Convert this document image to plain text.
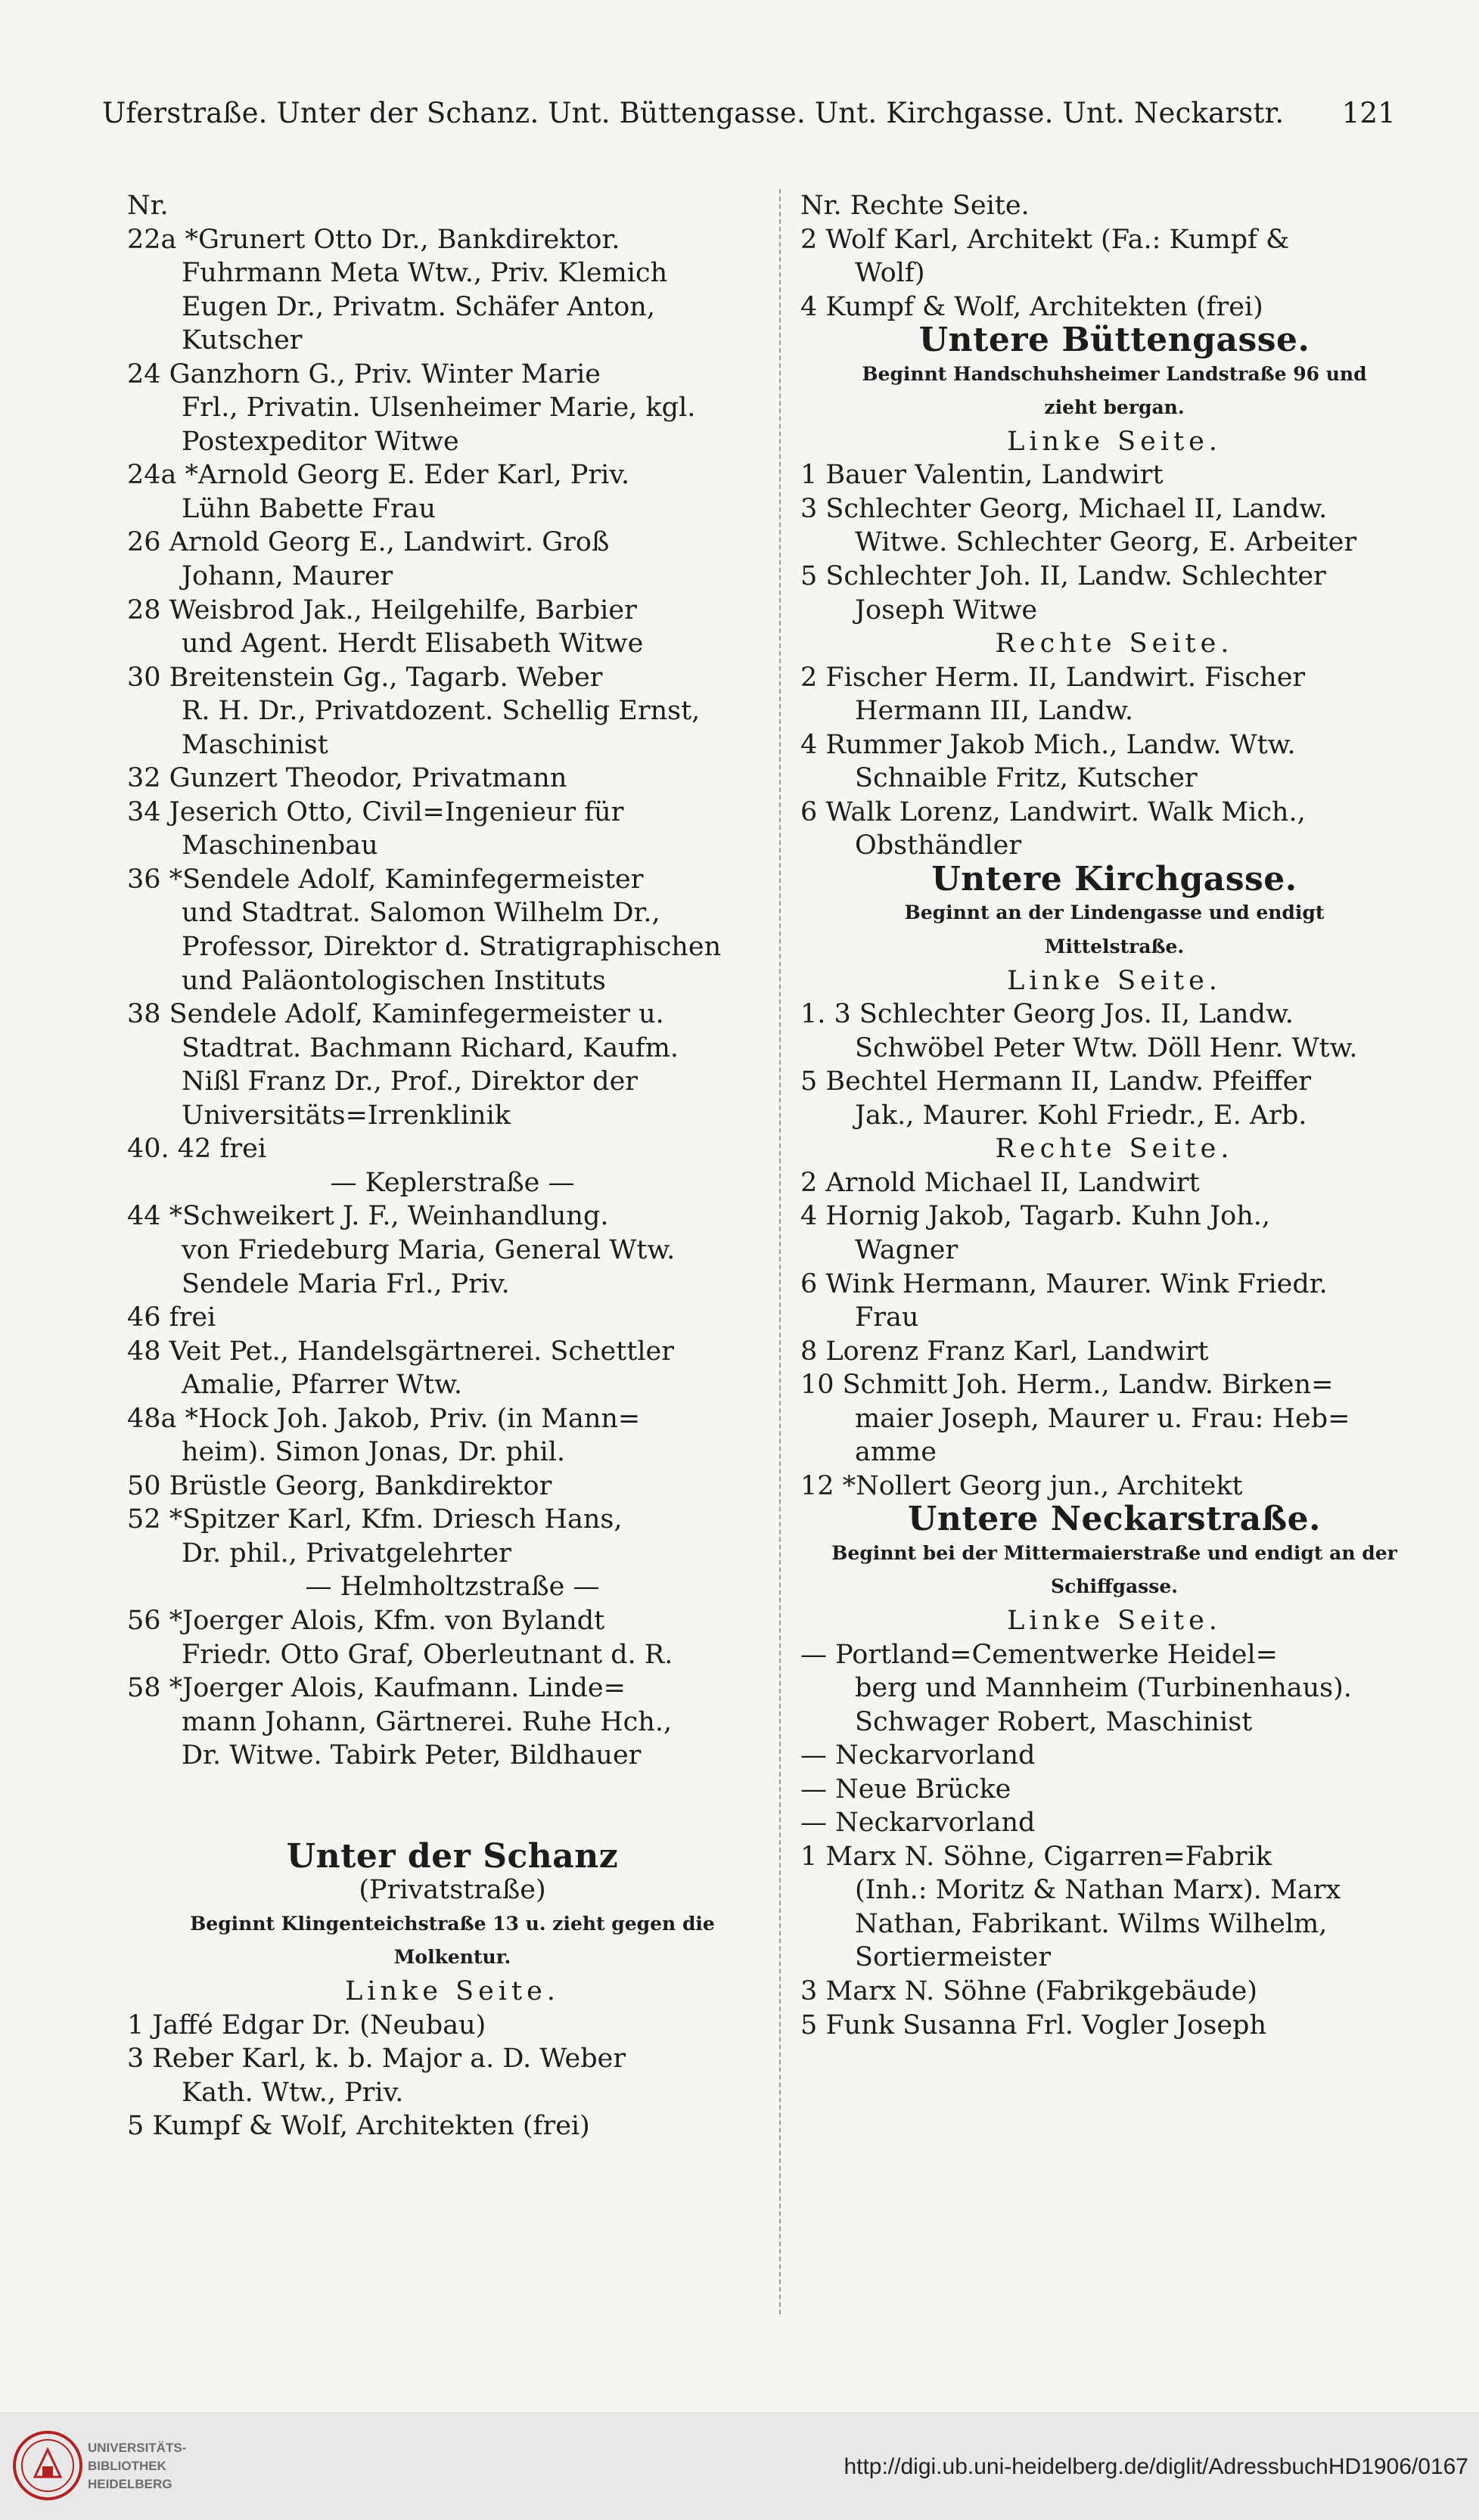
Uferstraße. Unter der Schanz. Unt. Büttengasse. Unt. Kirchgasse. Unt. Neckarstr. 121
Nr.
22a *Grunert Otto Dr., Bankdirektor.
Fuhrmann Meta Wtw., Priv. Klemich
Eugen Dr., Privatm. Schäfer Anton,
Kutscher
24 Ganzhorn G., Priv. Winter Marie
Frl., Privatin. Ulsenheimer Marie, kgl.
Postexpeditor Witwe
24a *Arnold Georg E. Eder Karl, Priv.
Lühn Babette Frau
26 Arnold Georg E., Landwirt. Groß
Johann, Maurer
28 Weisbrod Jak., Heilgehilfe, Barbier
und Agent. Herdt Elisabeth Witwe
30 Breitenstein Gg., Tagarb. Weber
R. H. Dr., Privatdozent. Schellig Ernst,
Maschinist
32 Gunzert Theodor, Privatmann
34 Jeserich Otto, Civil=Ingenieur für
Maschinenbau
36 *Sendele Adolf, Kaminfegermeister
und Stadtrat. Salomon Wilhelm Dr.,
Professor, Direktor d. Stratigraphischen
und Paläontologischen Instituts
38 Sendele Adolf, Kaminfegermeister u.
Stadtrat. Bachmann Richard, Kaufm.
Nißl Franz Dr., Prof., Direktor der
Universitäts=Irrenklinik
40. 42 frei
— Keplerstraße —
44 *Schweikert J. F., Weinhandlung.
von Friedeburg Maria, General Wtw.
Sendele Maria Frl., Priv.
46 frei
48 Veit Pet., Handelsgärtnerei. Schettler
Amalie, Pfarrer Wtw.
48a *Hock Joh. Jakob, Priv. (in Mann=
heim). Simon Jonas, Dr. phil.
50 Brüstle Georg, Bankdirektor
52 *Spitzer Karl, Kfm. Driesch Hans,
Dr. phil., Privatgelehrter
— Helmholtzstraße —
56 *Joerger Alois, Kfm. von Bylandt
Friedr. Otto Graf, Oberleutnant d. R.
58 *Joerger Alois, Kaufmann. Linde=
mann Johann, Gärtnerei. Ruhe Hch.,
Dr. Witwe. Tabirk Peter, Bildhauer
Unter der Schanz
(Privatstraße)
Beginnt Klingenteichstraße 13 u. zieht gegen die
Molkentur.
Linke Seite.
1 Jaffé Edgar Dr. (Neubau)
3 Reber Karl, k. b. Major a. D. Weber
Kath. Wtw., Priv.
5 Kumpf & Wolf, Architekten (frei)
Nr. Rechte Seite.
2 Wolf Karl, Architekt (Fa.: Kumpf &
Wolf)
4 Kumpf & Wolf, Architekten (frei)
Untere Büttengasse.
Beginnt Handschuhsheimer Landstraße 96 und
zieht bergan.
Linke Seite.
1 Bauer Valentin, Landwirt
3 Schlechter Georg, Michael II, Landw.
Witwe. Schlechter Georg, E. Arbeiter
5 Schlechter Joh. II, Landw. Schlechter
Joseph Witwe
Rechte Seite.
2 Fischer Herm. II, Landwirt. Fischer
Hermann III, Landw.
4 Rummer Jakob Mich., Landw. Wtw.
Schnaible Fritz, Kutscher
6 Walk Lorenz, Landwirt. Walk Mich.,
Obsthändler
Untere Kirchgasse.
Beginnt an der Lindengasse und endigt
Mittelstraße.
Linke Seite.
1. 3 Schlechter Georg Jos. II, Landw.
Schwöbel Peter Wtw. Döll Henr. Wtw.
5 Bechtel Hermann II, Landw. Pfeiffer
Jak., Maurer. Kohl Friedr., E. Arb.
Rechte Seite.
2 Arnold Michael II, Landwirt
4 Hornig Jakob, Tagarb. Kuhn Joh.,
Wagner
6 Wink Hermann, Maurer. Wink Friedr.
Frau
8 Lorenz Franz Karl, Landwirt
10 Schmitt Joh. Herm., Landw. Birken=
maier Joseph, Maurer u. Frau: Heb=
amme
12 *Nollert Georg jun., Architekt
Untere Neckarstraße.
Beginnt bei der Mittermaierstraße und endigt an der
Schiffgasse.
Linke Seite.
— Portland=Cementwerke Heidel=
berg und Mannheim (Turbinenhaus).
Schwager Robert, Maschinist
— Neckarvorland
— Neue Brücke
— Neckarvorland
1 Marx N. Söhne, Cigarren=Fabrik
(Inh.: Moritz & Nathan Marx). Marx
Nathan, Fabrikant. Wilms Wilhelm,
Sortiermeister
3 Marx N. Söhne (Fabrikgebäude)
5 Funk Susanna Frl. Vogler Joseph
UNIVERSITÄTS-
BIBLIOTHEK
HEIDELBERG
http://digi.ub.uni-heidelberg.de/diglit/AdressbuchHD1906/0167
